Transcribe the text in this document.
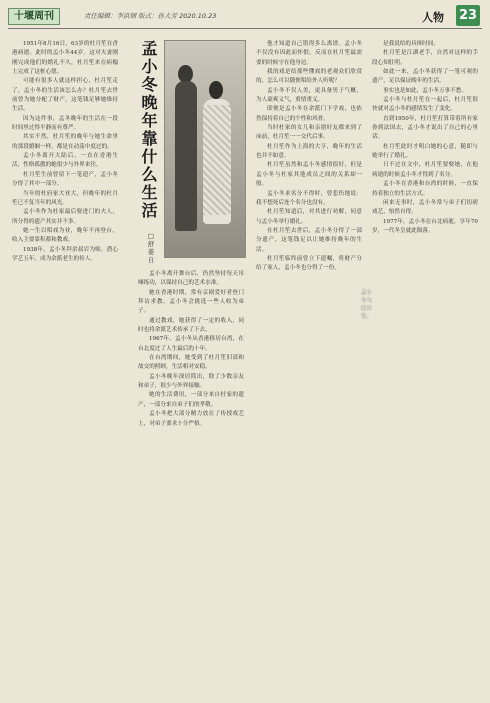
十堰周刊	责任编辑：李洪钢 版式：孙大芳 2020.10.23	人物 23

1951年8月16日，63岁的杜月笙在香港病逝。此时的孟小冬44岁。这对夫妻刚刚完成他们的婚礼不久，杜月笙来在病榻上完成了这桩心愿。

可能有很多人就这样担心，杜月笙走了，孟小冬的生活该怎么办？杜月笙去世前曾为她分配了财产，这笔钱足够她维持生活。

因为这件事，孟冬晚年的生活在一段时间里过得平静而有尊严。

其实不然，杜月笙的晚年与她生命里的那段婚姻一样，都是在动荡中度过的。

孟小冬离开大陆后，一直在香港生活，性格孤傲的她很少与外界来往。

杜月笙生前曾留下一笔遗产，孟小冬分得了其中一部分。

当年的杜府家大业大，但晚年的杜月笙已不复当年的风光。

孟小冬作为杜家最后娶进门的夫人，所分得的遗产其实并不多。

她一生以唱戏为业，晚年不再登台，收入主要靠积蓄和教戏。

1938年，孟小冬拜余叔岩为师，潜心学艺五年，成为余派老生的传人。

孟
小
冬
晚
年
靠
什
么
生
活
□
舒
姜
自
孟小冬与杜月笙。

孟小冬离开舞台后，仍然坚持每天吊嗓练功，以保持自己的艺术水准。

她在香港时期，常有京剧爱好者登门拜访求教，孟小冬会挑选一些人收为弟子。

通过教戏，她获得了一定的收入，同时也将余派艺术传承了下去。

1967年，孟小冬从香港移居台湾，在台北度过了人生最后的十年。

在台湾期间，她受到了杜月笙旧部和故交的照顾，生活相对安稳。

孟小冬晚年深居简出，除了少数亲友和弟子，很少与外界接触。

她的生活费用，一部分来自杜家的遗产，一部分来自弟子们的孝敬。

孟小冬把大部分精力放在了传授戏艺上，对弟子要求十分严格。

他才知道自己错得多么离谱。孟小冬不仅没有因此而怀恨，反而在杜月笙最需要的时候守在他身边。

我的戏是给那些懂戏的老观众们欣赏的，怎么可以随便唱给外人听呢？

孟小冬不仅人美，更具备男子气概，为人豪爽义气，重情重义。

即便是孟小冬在余派门下学戏，也依然保持着自己的个性和风骨。

当时杜家的女儿和亲朋好友都来到了床前，杜月笙一一交代后事。

杜月笙作为上海的大亨，晚年的生活也并不如意。

杜月笙虽然和孟小冬感情很好，但是孟小冬与杜家其他成员之间的关系却一般。

孟小冬求名分不得时，曾悲伤地说：我不想死后连个名分也没有。

杜月笙知道后，对其进行劝解，同意与孟小冬举行婚礼。

在杜月笙去世后，孟小冬分得了一部分遗产，这笔钱足以让她维持晚年的生活。

杜月笙临终前曾立下遗嘱，将财产分给了家人，孟小冬也分得了一份。

是我说给的具体时间。

杜月笙是江湖老手，自然对这样的手段心知肚明。

如此一来，孟小冬获得了一笔可观的遗产，足以保证晚年的生活。

事实也是如此，孟小冬万事不愁。

孟小冬与杜月笙在一起后，杜月笙很快就对孟小冬的感情发生了变化。

直到1950年，杜月笙打算带着所有家眷到法国去，孟小冬才说出了自己的心里话。

杜月笙此时才明白她的心意，随即与她举行了婚礼。

只不过在文中，杜月笙要娶她，在他病逝的时候孟小冬才得到了名分。

孟小冬在香港和台湾的时候，一直保持着独立的生活方式。

闲来无事时，孟小冬常与弟子们切磋戏艺，怡然自得。

1977年，孟小冬在台北病逝，享年70岁，一代冬皇就此陨落。
